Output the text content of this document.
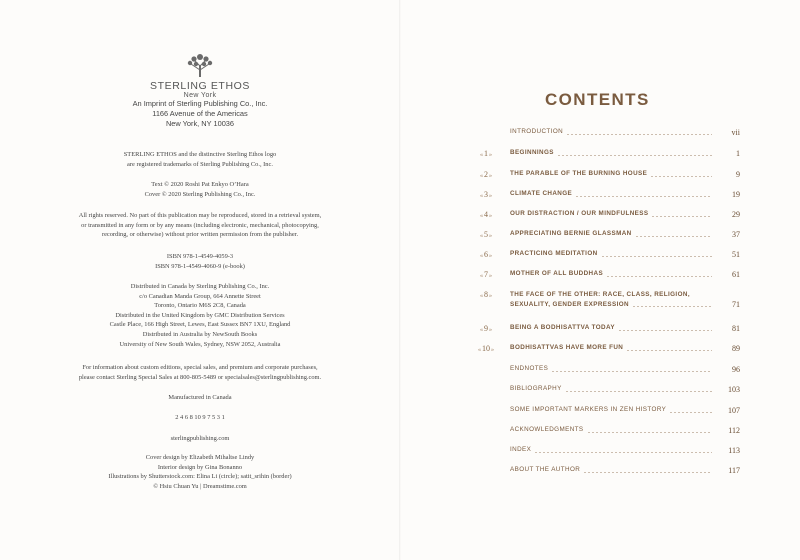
STERLING ETHOS
New York
An Imprint of Sterling Publishing Co., Inc.
1166 Avenue of the Americas
New York, NY 10036
STERLING ETHOS and the distinctive Sterling Ethos logo
are registered trademarks of Sterling Publishing Co., Inc.
Text © 2020 Roshi Pat Enkyo O’Hara
Cover © 2020 Sterling Publishing Co., Inc.
All rights reserved. No part of this publication may be reproduced, stored in a retrieval system,
or transmitted in any form or by any means (including electronic, mechanical, photocopying,
recording, or otherwise) without prior written permission from the publisher.
ISBN 978-1-4549-4059-3
ISBN 978-1-4549-4060-9 (e-book)
Distributed in Canada by Sterling Publishing Co., Inc.
c/o Canadian Manda Group, 664 Annette Street
Toronto, Ontario M6S 2C8, Canada
Distributed in the United Kingdom by GMC Distribution Services
Castle Place, 166 High Street, Lewes, East Sussex BN7 1XU, England
Distributed in Australia by NewSouth Books
University of New South Wales, Sydney, NSW 2052, Australia
For information about custom editions, special sales, and premium and corporate purchases,
please contact Sterling Special Sales at 800-805-5489 or specialsales@sterlingpublishing.com.
Manufactured in Canada
2 4 6 8 10 9 7 5 3 1
sterlingpublishing.com
Cover design by Elizabeth Mihaltse Lindy
Interior design by Gina Bonanno
Illustrations by Shutterstock.com: Elina Li (circle); satit_srihin (border)
© Hsiu Chuan Yu | Dreamstime.com
CONTENTS
INTRODUCTION	vii
« 1 »	BEGINNINGS	1
« 2 »	THE PARABLE OF THE BURNING HOUSE	9
« 3 »	CLIMATE CHANGE	19
« 4 »	OUR DISTRACTION / OUR MINDFULNESS	29
« 5 »	APPRECIATING BERNIE GLASSMAN	37
« 6 »	PRACTICING MEDITATION	51
« 7 »	MOTHER OF ALL BUDDHAS	61
« 8 »	THE FACE OF THE OTHER: RACE, CLASS, RELIGION, SEXUALITY, GENDER EXPRESSION	71
« 9 »	BEING A BODHISATTVA TODAY	81
« 10 »	BODHISATTVAS HAVE MORE FUN	89
ENDNOTES	96
BIBLIOGRAPHY	103
SOME IMPORTANT MARKERS IN ZEN HISTORY	107
ACKNOWLEDGMENTS	112
INDEX	113
ABOUT THE AUTHOR	117
